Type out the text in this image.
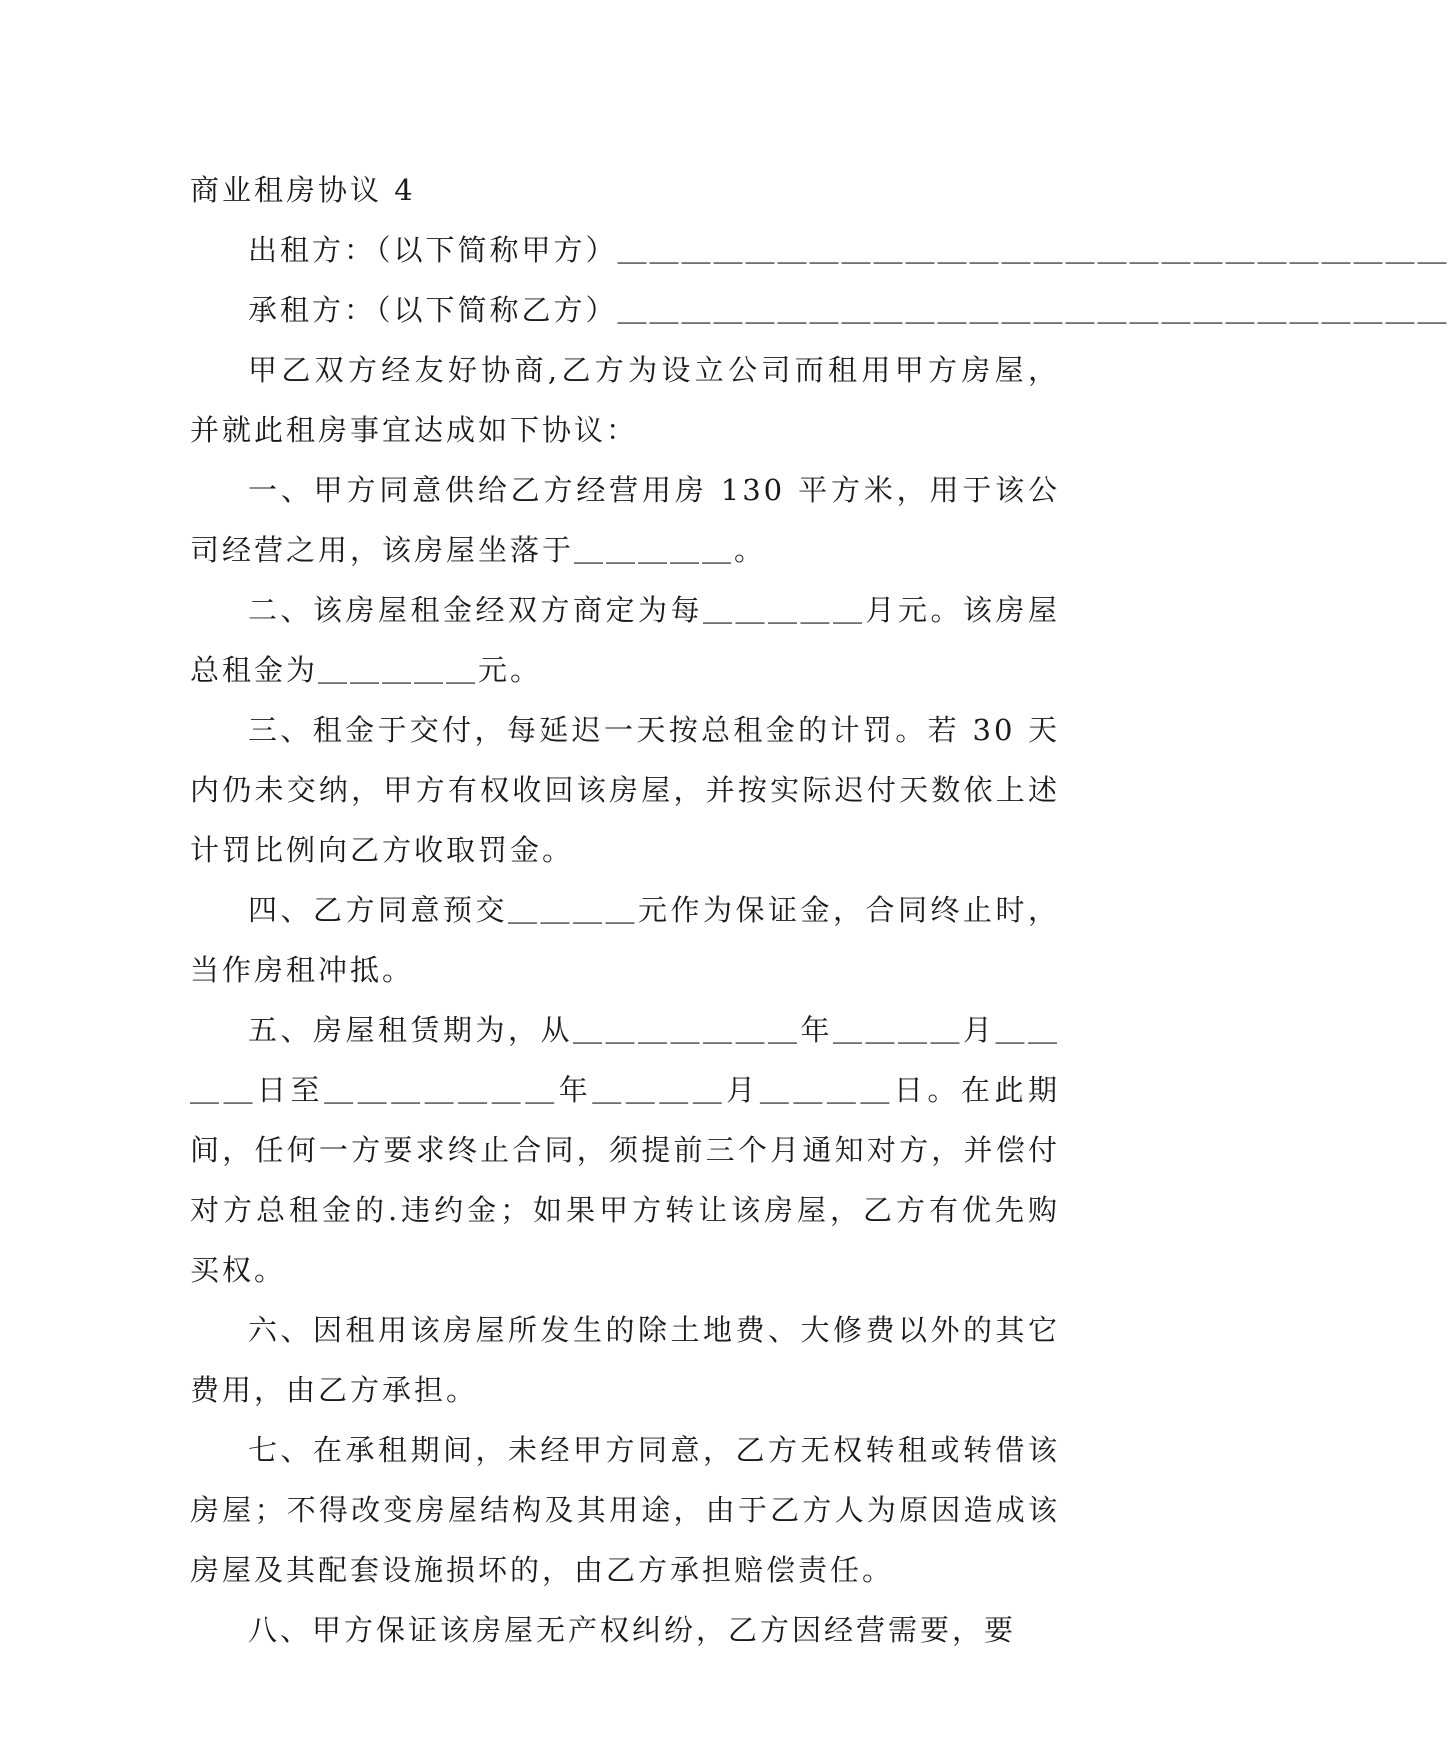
商业租房协议 4

出租方：（以下简称甲方）＿＿＿＿＿＿＿＿＿＿＿＿＿＿＿＿＿＿＿＿＿＿＿＿＿＿

承租方：（以下简称乙方）＿＿＿＿＿＿＿＿＿＿＿＿＿＿＿＿＿＿＿＿＿＿＿＿＿＿

甲乙双方经友好协商,乙方为设立公司而租用甲方房屋，并就此租房事宜达成如下协议：

一、甲方同意供给乙方经营用房 130 平方米，用于该公司经营之用，该房屋坐落于＿＿＿＿＿。

二、该房屋租金经双方商定为每＿＿＿＿＿月元。该房屋总租金为＿＿＿＿＿元。

三、租金于交付，每延迟一天按总租金的计罚。若 30 天内仍未交纳，甲方有权收回该房屋，并按实际迟付天数依上述计罚比例向乙方收取罚金。

四、乙方同意预交＿＿＿＿元作为保证金，合同终止时，当作房租冲抵。

五、房屋租赁期为，从＿＿＿＿＿＿＿年＿＿＿＿月＿＿＿＿日至＿＿＿＿＿＿＿年＿＿＿＿月＿＿＿＿日。在此期间，任何一方要求终止合同，须提前三个月通知对方，并偿付对方总租金的.违约金；如果甲方转让该房屋，乙方有优先购买权。

六、因租用该房屋所发生的除土地费、大修费以外的其它费用，由乙方承担。

七、在承租期间，未经甲方同意，乙方无权转租或转借该房屋；不得改变房屋结构及其用途，由于乙方人为原因造成该房屋及其配套设施损坏的，由乙方承担赔偿责任。

八、甲方保证该房屋无产权纠纷，乙方因经营需要，要
